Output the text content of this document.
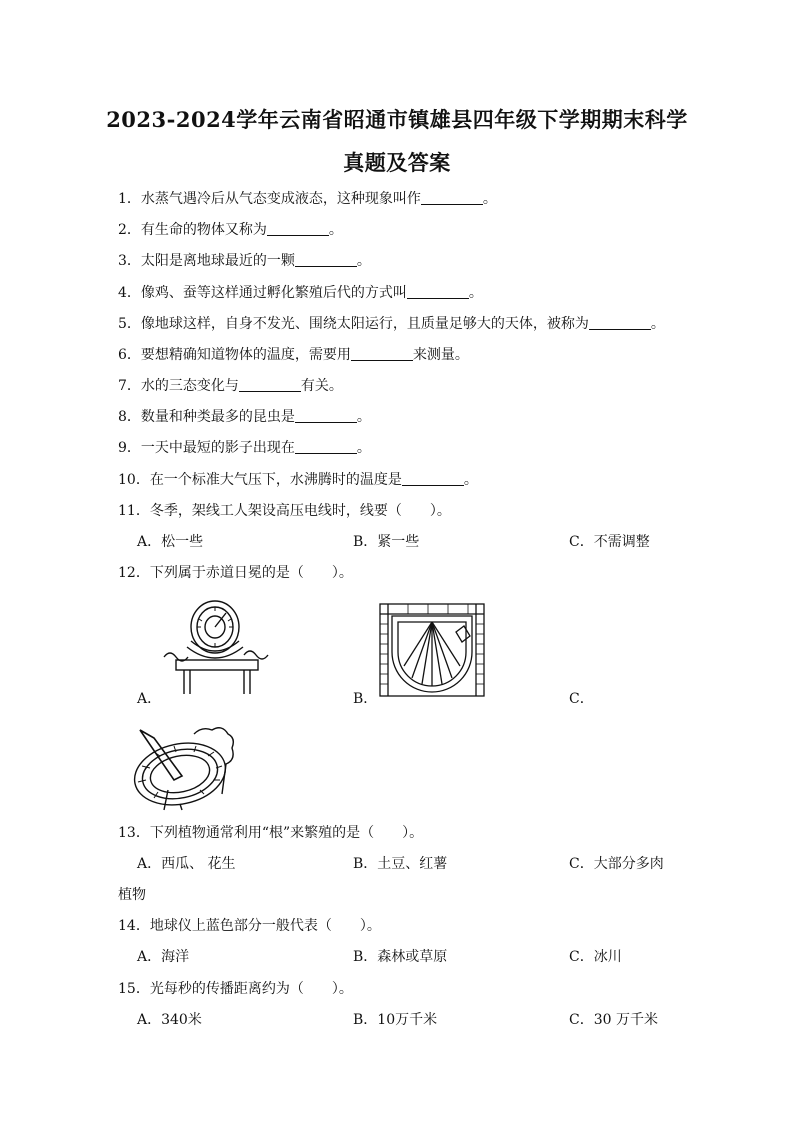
2023-2024学年云南省昭通市镇雄县四年级下学期期末科学
真题及答案
1．水蒸气遇冷后从气态变成液态，这种现象叫作	。
2．有生命的物体又称为	。
3．太阳是离地球最近的一颗	。
4．像鸡、蚕等这样通过孵化繁殖后代的方式叫	。
5．像地球这样，自身不发光、围绕太阳运行，且质量足够大的天体，被称为	。
6．要想精确知道物体的温度，需要用	来测量。
7．水的三态变化与	有关。
8．数量和种类最多的昆虫是	。
9．一天中最短的影子出现在	。
10．在一个标准大气压下，水沸腾时的温度是	。
11．冬季，架线工人架设高压电线时，线要（　　）。
A．松一些	B．紧一些	C．不需调整
12．下列属于赤道日冕的是（　　）。
A．	B．	C．
13．下列植物通常利用“根”来繁殖的是（　　）。
A．西瓜、 花生	B．土豆、红薯	C．大部分多肉
植物
14．地球仪上蓝色部分一般代表（　　）。
A．海洋	B．森林或草原	C．冰川
15．光每秒的传播距离约为（　　）。
A．340米	B．10万千米	C．30 万千米
